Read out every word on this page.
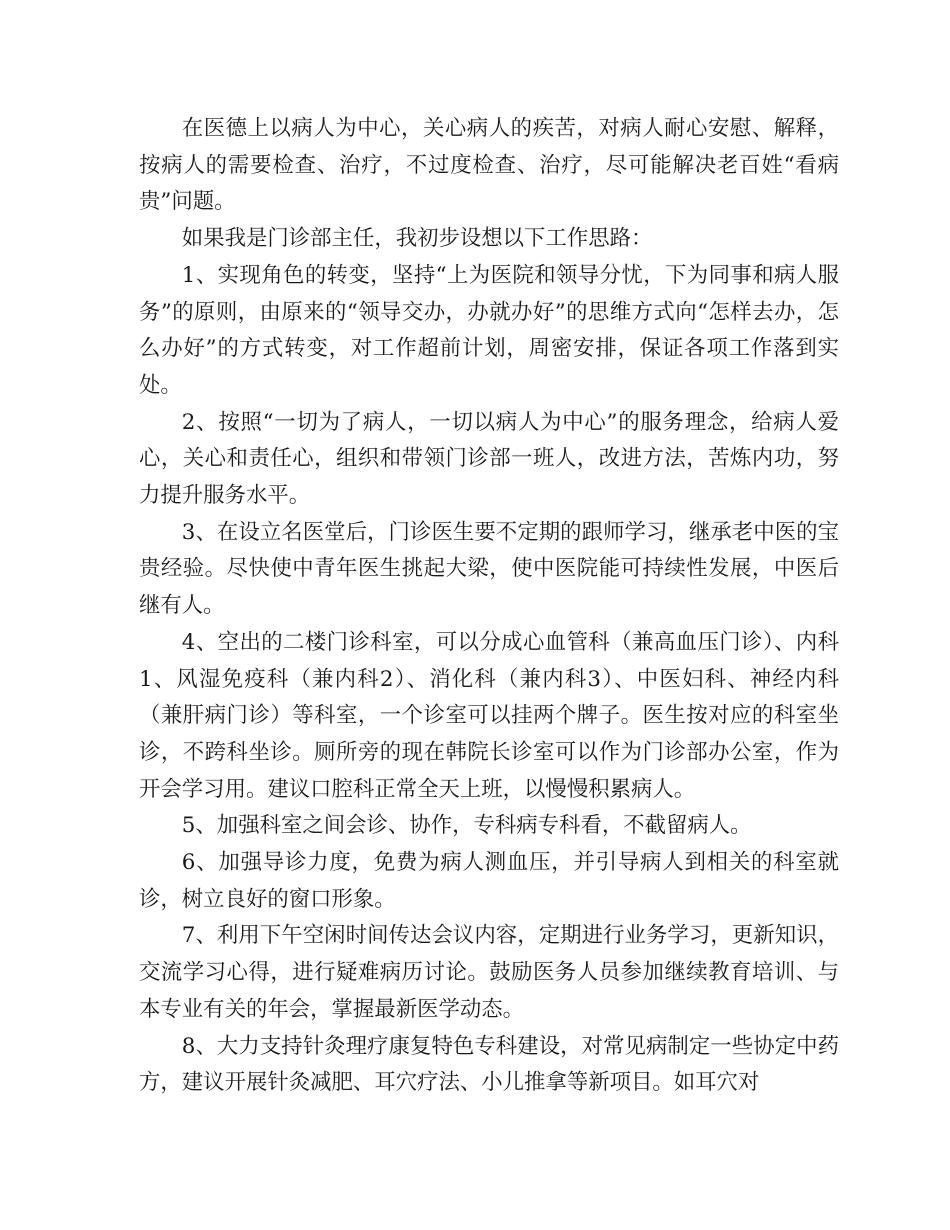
在医德上以病人为中心，关心病人的疾苦，对病人耐心安慰、解释，按病人的需要检查、治疗，不过度检查、治疗，尽可能解决老百姓“看病贵”问题。

如果我是门诊部主任，我初步设想以下工作思路：

1、实现角色的转变，坚持“上为医院和领导分忧，下为同事和病人服务”的原则，由原来的“领导交办，办就办好”的思维方式向“怎样去办，怎么办好”的方式转变，对工作超前计划，周密安排，保证各项工作落到实处。

2、按照“一切为了病人，一切以病人为中心”的服务理念，给病人爱心，关心和责任心，组织和带领门诊部一班人，改进方法，苦炼内功，努力提升服务水平。

3、在设立名医堂后，门诊医生要不定期的跟师学习，继承老中医的宝贵经验。尽快使中青年医生挑起大梁，使中医院能可持续性发展，中医后继有人。

4、空出的二楼门诊科室，可以分成心血管科（兼高血压门诊）、内科1、风湿免疫科（兼内科2）、消化科（兼内科3）、中医妇科、神经内科（兼肝病门诊）等科室，一个诊室可以挂两个牌子。医生按对应的科室坐诊，不跨科坐诊。厕所旁的现在韩院长诊室可以作为门诊部办公室，作为开会学习用。建议口腔科正常全天上班，以慢慢积累病人。

5、加强科室之间会诊、协作，专科病专科看，不截留病人。

6、加强导诊力度，免费为病人测血压，并引导病人到相关的科室就诊，树立良好的窗口形象。

7、利用下午空闲时间传达会议内容，定期进行业务学习，更新知识，交流学习心得，进行疑难病历讨论。鼓励医务人员参加继续教育培训、与本专业有关的年会，掌握最新医学动态。

8、大力支持针灸理疗康复特色专科建设，对常见病制定一些协定中药方，建议开展针灸减肥、耳穴疗法、小儿推拿等新项目。如耳穴对
